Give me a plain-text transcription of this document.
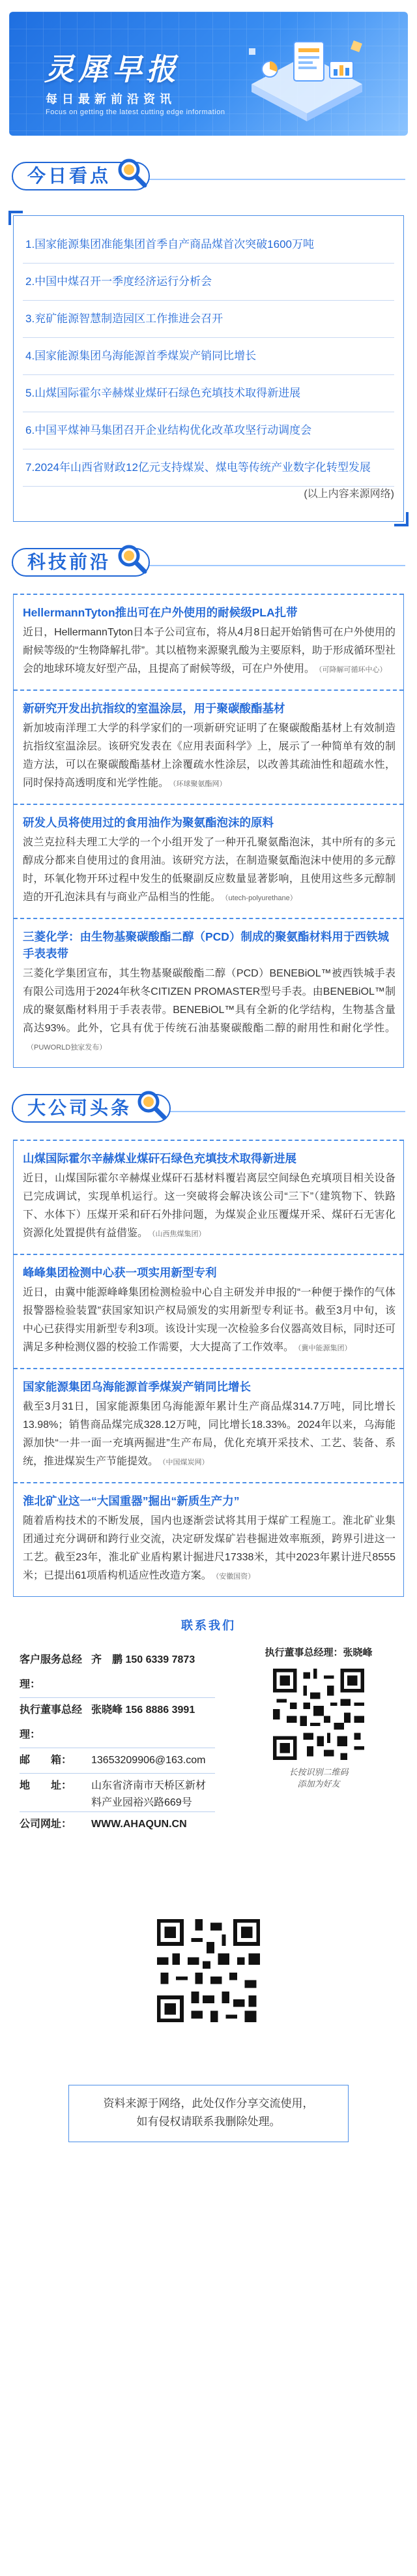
灵犀早报
每日最新前沿资讯
Focus on getting the latest cutting edge information
今日看点
1.国家能源集团准能集团首季自产商品煤首次突破1600万吨
2.中国中煤召开一季度经济运行分析会
3.兖矿能源智慧制造园区工作推进会召开
4.国家能源集团乌海能源首季煤炭产销同比增长
5.山煤国际霍尔辛赫煤业煤矸石绿色充填技术取得新进展
6.中国平煤神马集团召开企业结构优化改革攻坚行动调度会
7.2024年山西省财政12亿元支持煤炭、煤电等传统产业数字化转型发展
(以上内容来源网络)
科技前沿
HellermannTyton推出可在户外使用的耐候级PLA扎带

近日，HellermannTyton日本子公司宣布，将从4月8日起开始销售可在户外使用的耐候等级的“生物降解扎带”。其以植物来源聚乳酸为主要原料，助于形成循环型社会的地球环境友好型产品，且提高了耐候等级，可在户外使用。 （可降解可循环中心）

新研究开发出抗指纹的室温涂层，用于聚碳酸酯基材

新加坡南洋理工大学的科学家们的一项新研究证明了在聚碳酸酯基材上有效制造抗指纹室温涂层。该研究发表在《应用表面科学》上，展示了一种简单有效的制造方法，可以在聚碳酸酯基材上涂覆疏水性涂层，以改善其疏油性和超疏水性，同时保持高透明度和光学性能。 （环球聚氨酯网）

研发人员将使用过的食用油作为聚氨酯泡沫的原料

波兰克拉科夫理工大学的一个小组开发了一种开孔聚氨酯泡沫，其中所有的多元醇成分都来自使用过的食用油。该研究方法，在制造聚氨酯泡沫中使用的多元醇时，环氧化物开环过程中发生的低聚副反应数量显著影响，且使用这些多元醇制造的开孔泡沫具有与商业产品相当的性能。 （utech-polyurethane）

三菱化学：由生物基聚碳酸酯二醇（PCD）制成的聚氨酯材料用于西铁城手表表带

三菱化学集团宣布，其生物基聚碳酸酯二醇（PCD）BENEBiOL™被西铁城手表有限公司选用于2024年秋冬CITIZEN PROMASTER型号手表。由BENEBiOL™制成的聚氨酯材料用于手表表带。BENEBiOL™具有全新的化学结构，生物基含量高达93%。此外，它具有优于传统石油基聚碳酸酯二醇的耐用性和耐化学性。（PUWORLD独家发布）

大公司头条
山煤国际霍尔辛赫煤业煤矸石绿色充填技术取得新进展

近日，山煤国际霍尔辛赫煤业煤矸石基材料覆岩离层空间绿色充填项目相关设备已完成调试，实现单机运行。这一突破将会解决该公司“三下”（建筑物下、铁路下、水体下）压煤开采和矸石外排问题，为煤炭企业压覆煤开采、煤矸石无害化资源化处置提供有益借鉴。 （山西焦煤集团）

峰峰集团检测中心获一项实用新型专利

近日，由冀中能源峰峰集团检测检验中心自主研发并申报的“一种便于操作的气体报警器检验装置”获国家知识产权局颁发的实用新型专利证书。截至3月中旬，该中心已获得实用新型专利3项。该设计实现一次检验多台仪器高效目标，同时还可满足多种检测仪器的校验工作需要，大大提高了工作效率。 （冀中能源集团）

国家能源集团乌海能源首季煤炭产销同比增长

截至3月31日，国家能源集团乌海能源年累计生产商品煤314.7万吨，同比增长13.98%；销售商品煤完成328.12万吨，同比增长18.33%。2024年以来，乌海能源加快“一井一面一充填两掘进”生产布局，优化充填开采技术、工艺、装备、系统，推进煤炭生产节能提效。 （中国煤炭网）

淮北矿业这一“大国重器”掘出“新质生产力”

随着盾构技术的不断发展，国内也逐渐尝试将其用于煤矿工程施工。淮北矿业集团通过充分调研和跨行业交流，决定研发煤矿岩巷掘进效率瓶颈，跨界引进这一工艺。截至23年，淮北矿业盾构累计掘进尺17338米，其中2023年累计进尺8555米；已提出61项盾构机适应性改造方案。 （安徽国资）

联系我们
客户服务总经理：
齐　鹏 150 6339 7873
执行董事总经理：
张晓峰 156 8886 3991
邮　　箱：	13653209906@163.com
地　　址：	山东省济南市天桥区新材料产业园裕兴路669号
公司网址：	WWW.AHAQUN.CN
执行董事总经理：张晓峰
长按识别二维码
添加为好友
资料来源于网络，此处仅作分享交流使用，
如有侵权请联系我删除处理。
